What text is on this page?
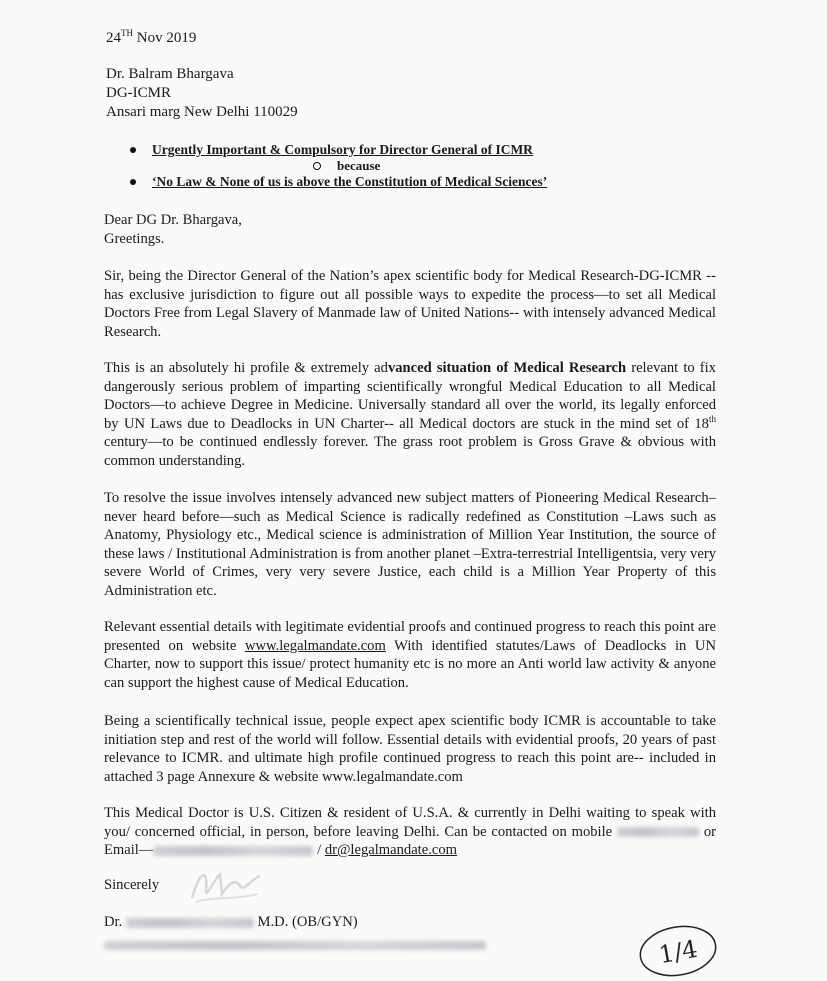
24TH Nov 2019
Dr. Balram Bhargava
DG-ICMR
Ansari marg New Delhi 110029
Urgently Important & Compulsory for Director General of ICMR
because
‘No Law & None of us is above the Constitution of Medical Sciences’

Dear DG Dr. Bhargava,

Greetings.

Sir, being the Director General of the Nation’s apex scientific body for Medical Research-DG-ICMR --has exclusive jurisdiction to figure out all possible ways to expedite the process—to set all Medical Doctors Free from Legal Slavery of Manmade law of United Nations-- with intensely advanced Medical Research.

This is an absolutely hi profile & extremely advanced situation of Medical Research relevant to fix dangerously serious problem of imparting scientifically wrongful Medical Education to all Medical Doctors—to achieve Degree in Medicine. Universally standard all over the world, its legally enforced by UN Laws due to Deadlocks in UN Charter-- all Medical doctors are stuck in the mind set of 18th century—to be continued endlessly forever. The grass root problem is Gross Grave & obvious with common understanding.

To resolve the issue involves intensely advanced new subject matters of Pioneering Medical Research–never heard before—such as Medical Science is radically redefined as Constitution –Laws such as Anatomy, Physiology etc., Medical science is administration of Million Year Institution, the source of these laws / Institutional Administration is from another planet –Extra-terrestrial Intelligentsia, very very severe World of Crimes, very very severe Justice, each child is a Million Year Property of this Administration etc.

Relevant essential details with legitimate evidential proofs and continued progress to reach this point are presented on website www.legalmandate.com With identified statutes/Laws of Deadlocks in UN Charter, now to support this issue/ protect humanity etc is no more an Anti world law activity & anyone can support the highest cause of Medical Education.

Being a scientifically technical issue, people expect apex scientific body ICMR is accountable to take initiation step and rest of the world will follow. Essential details with evidential proofs, 20 years of past relevance to ICMR. and ultimate high profile continued progress to reach this point are-- included in attached 3 page Annexure & website www.legalmandate.com

This Medical Doctor is U.S. Citizen & resident of U.S.A. & currently in Delhi waiting to speak with you/ concerned official, in person, before leaving Delhi. Can be contacted on mobile	or Email—	/ dr@legalmandate.com

Sincerely
Dr.	M.D. (OB/GYN)
1/4
